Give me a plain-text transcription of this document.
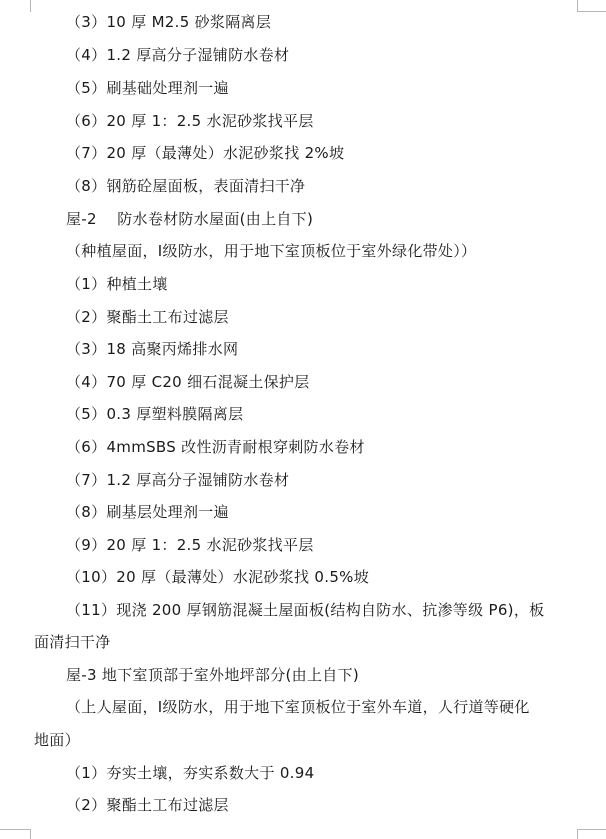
（3）10 厚 M2.5 砂浆隔离层
（4）1.2 厚高分子湿铺防水卷材
（5）刷基础处理剂一遍
（6）20 厚 1：2.5 水泥砂浆找平层
（7）20 厚（最薄处）水泥砂浆找 2%坡
（8）钢筋砼屋面板，表面清扫干净
屋-2　 防水卷材防水屋面(由上自下)
（种植屋面，Ⅰ级防水，用于地下室顶板位于室外绿化带处））
（1）种植土壤
（2）聚酯土工布过滤层
（3）18 高聚丙烯排水网
（4）70 厚 C20 细石混凝土保护层
（5）0.3 厚塑料膜隔离层
（6）4mmSBS 改性沥青耐根穿刺防水卷材
（7）1.2 厚高分子湿铺防水卷材
（8）刷基层处理剂一遍
（9）20 厚 1：2.5 水泥砂浆找平层
（10）20 厚（最薄处）水泥砂浆找 0.5%坡
（11）现浇 200 厚钢筋混凝土屋面板(结构自防水、抗渗等级 P6)，板
面清扫干净
屋-3 地下室顶部于室外地坪部分(由上自下)
（上人屋面，Ⅰ级防水，用于地下室顶板位于室外车道，人行道等硬化
地面）
（1）夯实土壤，夯实系数大于 0.94
（2）聚酯土工布过滤层
